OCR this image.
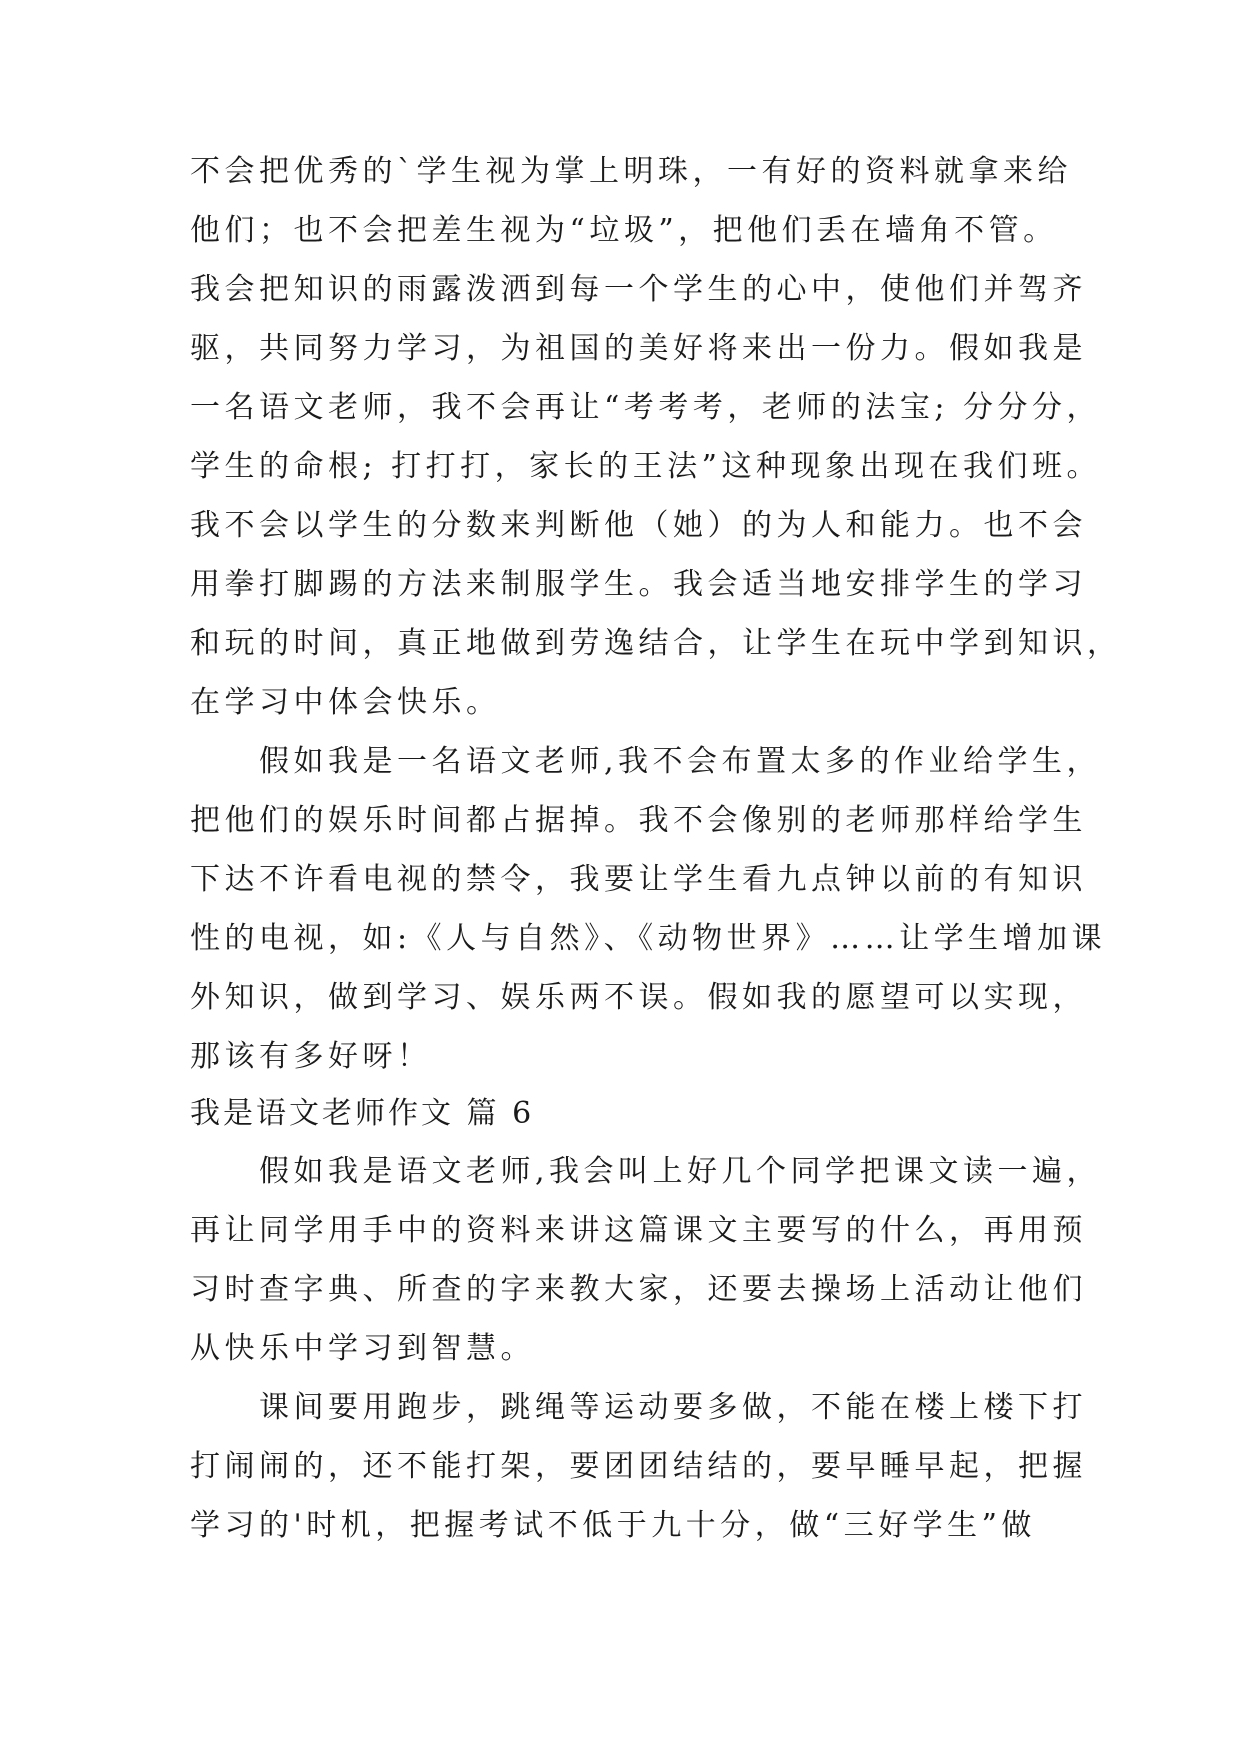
不会把优秀的`学生视为掌上明珠，一有好的资料就拿来给
他们；也不会把差生视为“垃圾”，把他们丢在墙角不管。
我会把知识的雨露泼洒到每一个学生的心中，使他们并驾齐
驱，共同努力学习，为祖国的美好将来出一份力。假如我是
一名语文老师，我不会再让“考考考，老师的法宝; 分分分，
学生的命根; 打打打，家长的王法”这种现象出现在我们班。
我不会以学生的分数来判断他（她）的为人和能力。也不会
用拳打脚踢的方法来制服学生。我会适当地安排学生的学习
和玩的时间，真正地做到劳逸结合，让学生在玩中学到知识，
在学习中体会快乐。
　　假如我是一名语文老师,我不会布置太多的作业给学生，
把他们的娱乐时间都占据掉。我不会像别的老师那样给学生
下达不许看电视的禁令，我要让学生看九点钟以前的有知识
性的电视，如:《人与自然》、《动物世界》……让学生增加课
外知识，做到学习、娱乐两不误。假如我的愿望可以实现，
那该有多好呀！
我是语文老师作文 篇 6
　　假如我是语文老师,我会叫上好几个同学把课文读一遍，
再让同学用手中的资料来讲这篇课文主要写的什么，再用预
习时查字典、所查的字来教大家，还要去操场上活动让他们
从快乐中学习到智慧。
　　课间要用跑步，跳绳等运动要多做，不能在楼上楼下打
打闹闹的，还不能打架，要团团结结的，要早睡早起，把握
学习的'时机，把握考试不低于九十分，做“三好学生”做
